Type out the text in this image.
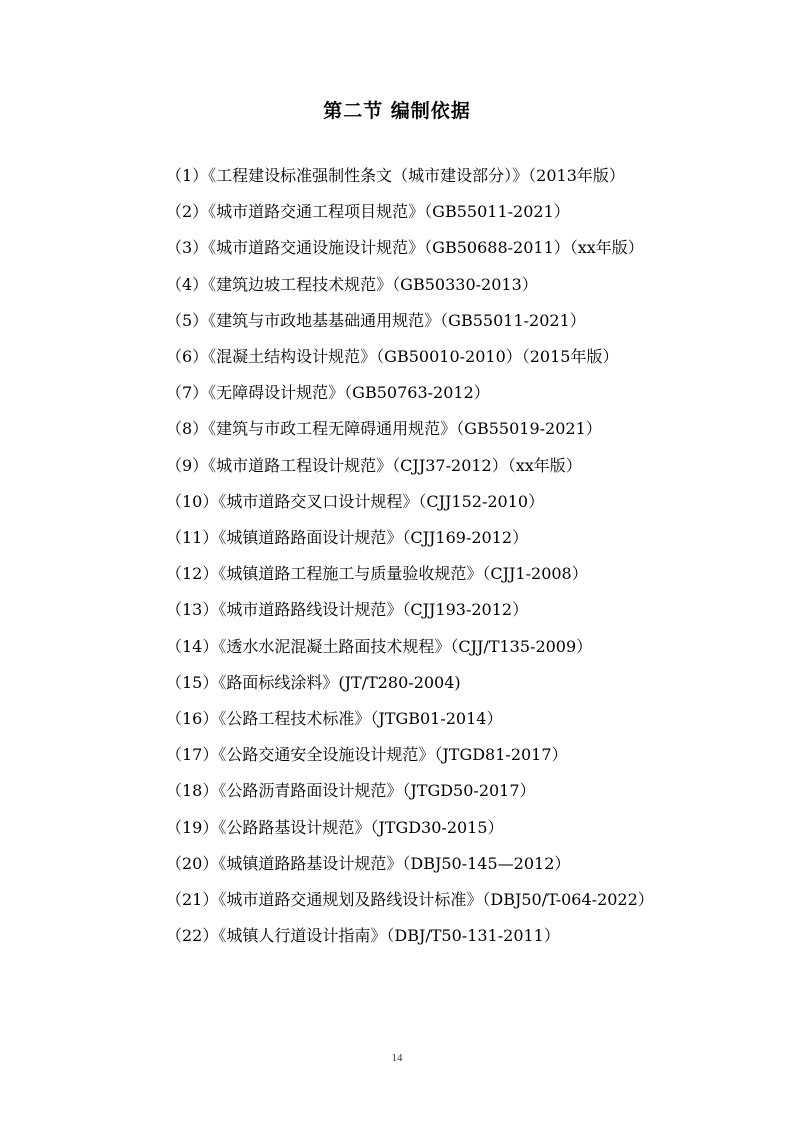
第二节 编制依据
（1）《工程建设标准强制性条文（城市建设部分）》（2013年版）
（2）《城市道路交通工程项目规范》（GB55011-2021）
（3）《城市道路交通设施设计规范》（GB50688-2011）（xx年版）
（4）《建筑边坡工程技术规范》（GB50330-2013）
（5）《建筑与市政地基基础通用规范》（GB55011-2021）
（6）《混凝土结构设计规范》（GB50010-2010）（2015年版）
（7）《无障碍设计规范》（GB50763-2012）
（8）《建筑与市政工程无障碍通用规范》（GB55019-2021）
（9）《城市道路工程设计规范》（CJJ37-2012）（xx年版）
（10）《城市道路交叉口设计规程》（CJJ152-2010）
（11）《城镇道路路面设计规范》（CJJ169-2012）
（12）《城镇道路工程施工与质量验收规范》（CJJ1-2008）
（13）《城市道路路线设计规范》（CJJ193-2012）
（14）《透水水泥混凝土路面技术规程》（CJJ/T135-2009）
（15）《路面标线涂料》(JT/T280-2004)
（16）《公路工程技术标准》（JTGB01-2014）
（17）《公路交通安全设施设计规范》（JTGD81-2017）
（18）《公路沥青路面设计规范》（JTGD50-2017）
（19）《公路路基设计规范》（JTGD30-2015）
（20）《城镇道路路基设计规范》（DBJ50-145—2012）
（21）《城市道路交通规划及路线设计标准》（DBJ50/T-064-2022）
（22）《城镇人行道设计指南》（DBJ/T50-131-2011）
14
